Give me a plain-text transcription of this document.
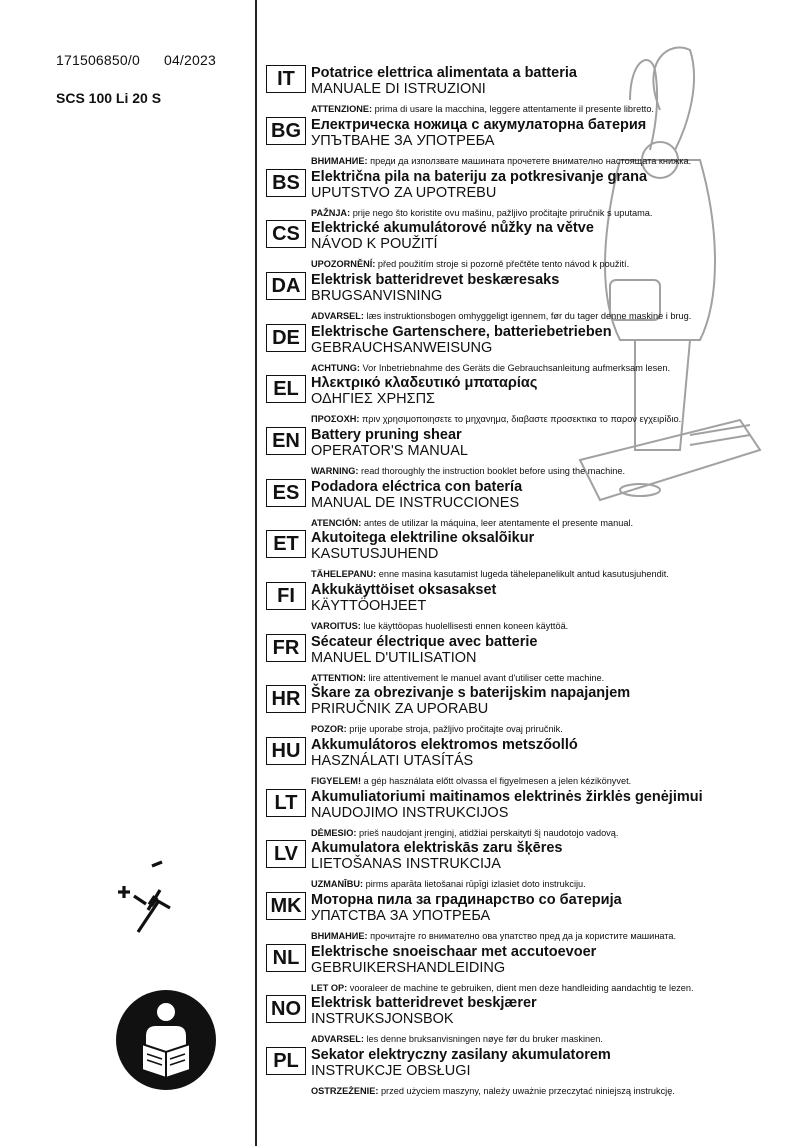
171506850/0 04/2023
SCS 100 Li 20 S
IT	Potatrice elettrica alimentata a batteria
MANUALE DI ISTRUZIONI
ATTENZIONE: prima di usare la macchina, leggere attentamente il presente libretto.
BG Електрическа ножица с акумулаторна батерия
УПЪТВАНЕ ЗА УПОТРЕБА
ВНИМАНИЕ: преди да използвате машината прочетете внимателно настоящата книжка.
BS Električna pila na bateriju za potkresivanje grana
UPUTSTVO ZA UPOTREBU
PAŽNJA: prije nego što koristite ovu mašinu, pažljivo pročitajte priručnik s uputama.
CS Elektrické akumulátorové nůžky na větve
NÁVOD K POUŽITÍ
UPOZORNĚNÍ: před použitím stroje si pozorně přečtěte tento návod k použití.
DA Elektrisk batteridrevet beskæresaks
BRUGSANVISNING
ADVARSEL: læs instruktionsbogen omhyggeligt igennem, før du tager denne maskine i brug.
DE Elektrische Gartenschere, batteriebetrieben
GEBRAUCHSANWEISUNG
ACHTUNG: Vor Inbetriebnahme des Geräts die Gebrauchsanleitung aufmerksam lesen.
EL Ηλεκτρικό κλαδευτικό μπαταρίας
ΟΔΗΓΙΕΣ ΧΡΗΣΠΣ
ΠΡΟΣΟΧΗ: πριν χρησιμοποιησετε το μηχανημα, διαβαστε προσεκτικα το παρον εγχειρίδιο.
EN Battery pruning shear
OPERATOR'S MANUAL
WARNING: read thoroughly the instruction booklet before using the machine.
ES Podadora eléctrica con batería
MANUAL DE INSTRUCCIONES
ATENCIÓN: antes de utilizar la máquina, leer atentamente el presente manual.
ET Akutoitega elektriline oksalõikur
KASUTUSJUHEND
TÄHELEPANU: enne masina kasutamist lugeda tähelepanelikult antud kasutusjuhendit.
FI	Akkukäyttöiset oksasakset
KÄYTTÖOHJEET
VAROITUS: lue käyttöopas huolellisesti ennen koneen käyttöä.
FR Sécateur électrique avec batterie
MANUEL D'UTILISATION
ATTENTION: lire attentivement le manuel avant d'utiliser cette machine.
HR Škare za obrezivanje s baterijskim napajanjem
PRIRUČNIK ZA UPORABU
POZOR: prije uporabe stroja, pažljivo pročitajte ovaj priručnik.
HU Akkumulátoros elektromos metszőolló
HASZNÁLATI UTASÍTÁS
FIGYELEM! a gép használata előtt olvassa el figyelmesen a jelen kézikönyvet.
LT Akumuliatoriumi maitinamos elektrinės žirklės genėjimui
NAUDOJIMO INSTRUKCIJOS
DĖMESIO: prieš naudojant įrenginį, atidžiai perskaityti šį naudotojo vadovą.
LV Akumulatora elektriskās zaru šķēres
LIETOŠANAS INSTRUKCIJA
UZMANĪBU: pirms aparāta lietošanai rūpīgi izlasiet doto instrukciju.
MK Моторна пила за градинарство со батерија
УПАТСТВА ЗА УПОТРЕБА
ВНИМАНИЕ: прочитајте го внимателно ова упатство пред да ја користите машината.
NL Elektrische snoeischaar met accutoevoer
GEBRUIKERSHANDLEIDING
LET OP: vooraleer de machine te gebruiken, dient men deze handleiding aandachtig te lezen.
NO Elektrisk batteridrevet beskjærer
INSTRUKSJONSBOK
ADVARSEL: les denne bruksanvisningen nøye før du bruker maskinen.
PL Sekator elektryczny zasilany akumulatorem
INSTRUKCJE OBSŁUGI
OSTRZEŻENIE: przed użyciem maszyny, należy uważnie przeczytać niniejszą instrukcję.
